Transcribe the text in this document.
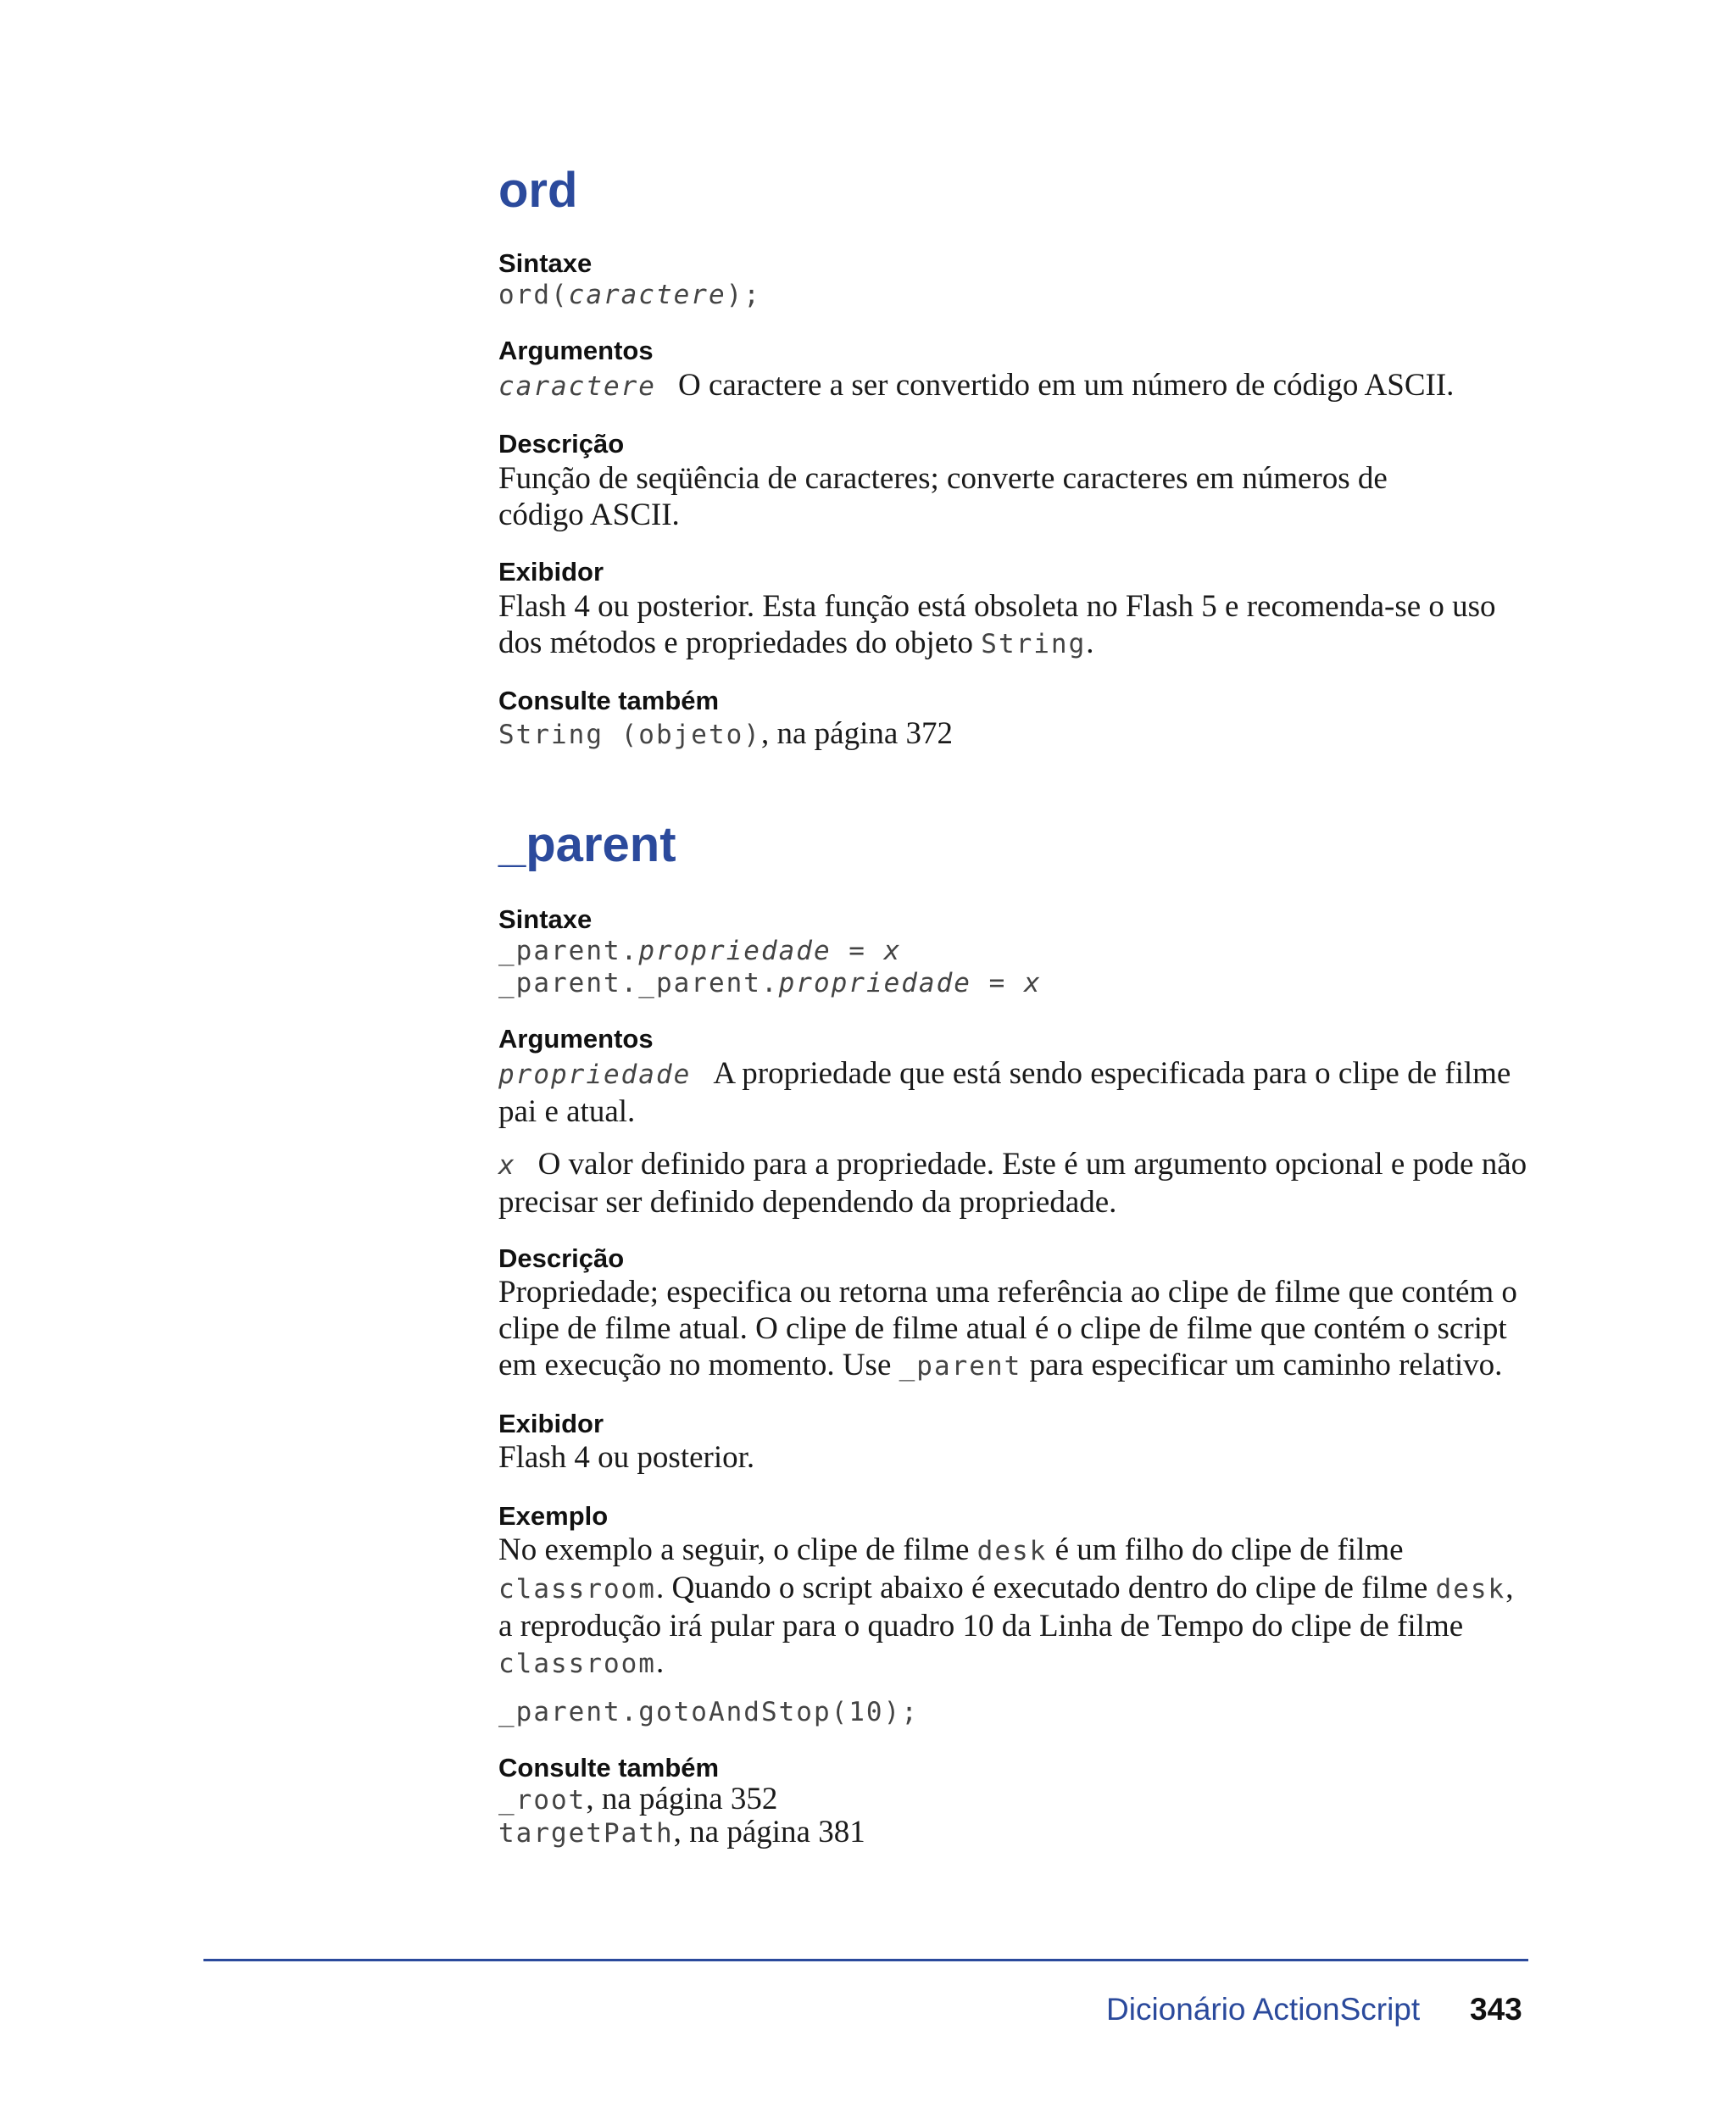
ord
Sintaxe
ord(caractere);
Argumentos

caractere O caractere a ser convertido em um número de código ASCII.

Descrição

Função de seqüência de caracteres; converte caracteres em números de código ASCII.

Exibidor

Flash 4 ou posterior. Esta função está obsoleta no Flash 5 e recomenda-se o uso dos métodos e propriedades do objeto String.

Consulte também

String (objeto), na página 372

_parent
Sintaxe
_parent.propriedade = x
_parent._parent.propriedade = x
Argumentos

propriedade A propriedade que está sendo especificada para o clipe de filme pai e atual.

x O valor definido para a propriedade. Este é um argumento opcional e pode não precisar ser definido dependendo da propriedade.

Descrição

Propriedade; especifica ou retorna uma referência ao clipe de filme que contém o clipe de filme atual. O clipe de filme atual é o clipe de filme que contém o script em execução no momento. Use _parent para especificar um caminho relativo.

Exibidor

Flash 4 ou posterior.

Exemplo

No exemplo a seguir, o clipe de filme desk é um filho do clipe de filme classroom. Quando o script abaixo é executado dentro do clipe de filme desk, a reprodução irá pular para o quadro 10 da Linha de Tempo do clipe de filme classroom.

_parent.gotoAndStop(10);
Consulte também

_root, na página 352

targetPath, na página 381

Dicionário ActionScript 343
